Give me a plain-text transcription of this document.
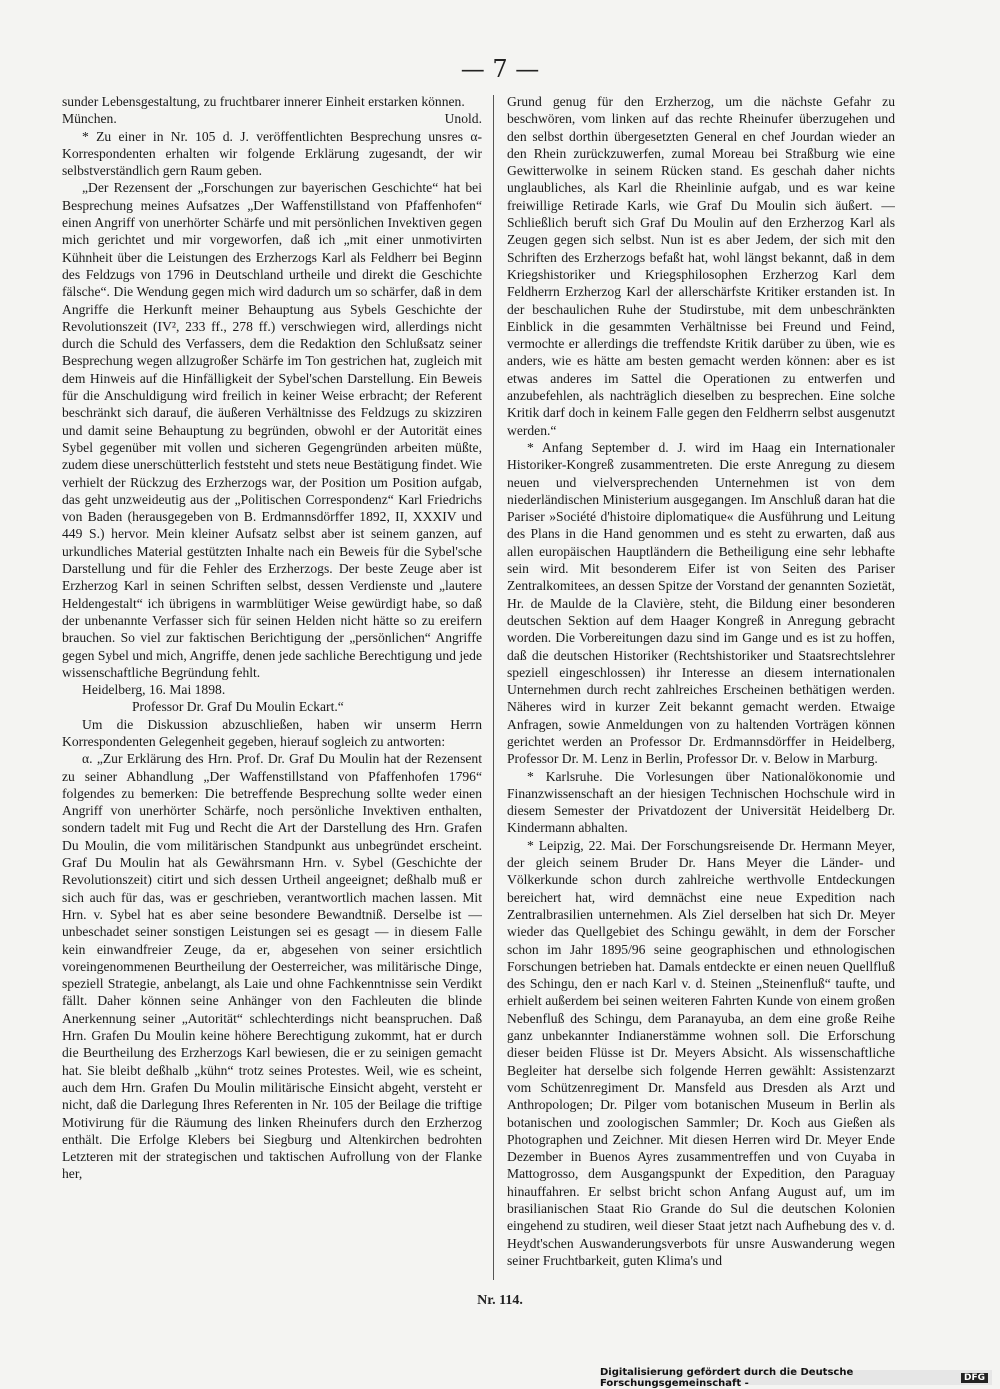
— 7 —

sunder Lebensgestaltung, zu fruchtbarer innerer Einheit erstarken können.

München.	Unold.

* Zu einer in Nr. 105 d. J. veröffentlichten Besprechung unsres α-Korrespondenten erhalten wir folgende Erklärung zugesandt, der wir selbstverständlich gern Raum geben.

„Der Rezensent der „Forschungen zur bayerischen Geschichte“ hat bei Besprechung meines Aufsatzes „Der Waffenstillstand von Pfaffenhofen“ einen Angriff von unerhörter Schärfe und mit persönlichen Invektiven gegen mich gerichtet und mir vorgeworfen, daß ich „mit einer unmotivirten Kühnheit über die Leistungen des Erzherzogs Karl als Feldherr bei Beginn des Feldzugs von 1796 in Deutschland urtheile und direkt die Geschichte fälsche“. Die Wendung gegen mich wird dadurch um so schärfer, daß in dem Angriffe die Herkunft meiner Behauptung aus Sybels Geschichte der Revolutionszeit (IV², 233 ff., 278 ff.) verschwiegen wird, allerdings nicht durch die Schuld des Verfassers, dem die Redaktion den Schlußsatz seiner Besprechung wegen allzugroßer Schärfe im Ton gestrichen hat, zugleich mit dem Hinweis auf die Hinfälligkeit der Sybel'schen Darstellung. Ein Beweis für die Anschuldigung wird freilich in keiner Weise erbracht; der Referent beschränkt sich darauf, die äußeren Verhältnisse des Feldzugs zu skizziren und damit seine Behauptung zu begründen, obwohl er der Autorität eines Sybel gegenüber mit vollen und sicheren Gegengründen arbeiten müßte, zudem diese unerschütterlich feststeht und stets neue Bestätigung findet. Wie verhielt der Rückzug des Erzherzogs war, der Position um Position aufgab, das geht unzweideutig aus der „Politischen Correspondenz“ Karl Friedrichs von Baden (herausgegeben von B. Erdmannsdörffer 1892, II, XXXIV und 449 S.) hervor. Mein kleiner Aufsatz selbst aber ist seinem ganzen, auf urkundliches Material gestützten Inhalte nach ein Beweis für die Sybel'sche Darstellung und für die Fehler des Erzherzogs. Der beste Zeuge aber ist Erzherzog Karl in seinen Schriften selbst, dessen Verdienste und „lautere Heldengestalt“ ich übrigens in warmblütiger Weise gewürdigt habe, so daß der unbenannte Verfasser sich für seinen Helden nicht hätte so zu ereifern brauchen. So viel zur faktischen Berichtigung der „persönlichen“ Angriffe gegen Sybel und mich, Angriffe, denen jede sachliche Berechtigung und jede wissenschaftliche Begründung fehlt.

Heidelberg, 16. Mai 1898.

Professor Dr. Graf Du Moulin Eckart.“

Um die Diskussion abzuschließen, haben wir unserm Herrn Korrespondenten Gelegenheit gegeben, hierauf sogleich zu antworten:

α. „Zur Erklärung des Hrn. Prof. Dr. Graf Du Moulin hat der Rezensent zu seiner Abhandlung „Der Waffenstillstand von Pfaffenhofen 1796“ folgendes zu bemerken: Die betreffende Besprechung sollte weder einen Angriff von unerhörter Schärfe, noch persönliche Invektiven enthalten, sondern tadelt mit Fug und Recht die Art der Darstellung des Hrn. Grafen Du Moulin, die vom militärischen Standpunkt aus unbegründet erscheint. Graf Du Moulin hat als Gewährsmann Hrn. v. Sybel (Geschichte der Revolutionszeit) citirt und sich dessen Urtheil angeeignet; deßhalb muß er sich auch für das, was er geschrieben, verantwortlich machen lassen. Mit Hrn. v. Sybel hat es aber seine besondere Bewandtniß. Derselbe ist — unbeschadet seiner sonstigen Leistungen sei es gesagt — in diesem Falle kein einwandfreier Zeuge, da er, abgesehen von seiner ersichtlich voreingenommenen Beurtheilung der Oesterreicher, was militärische Dinge, speziell Strategie, anbelangt, als Laie und ohne Fachkenntnisse sein Verdikt fällt. Daher können seine Anhänger von den Fachleuten die blinde Anerkennung seiner „Autorität“ schlechterdings nicht beanspruchen. Daß Hrn. Grafen Du Moulin keine höhere Berechtigung zukommt, hat er durch die Beurtheilung des Erzherzogs Karl bewiesen, die er zu seinigen gemacht hat. Sie bleibt deßhalb „kühn“ trotz seines Protestes. Weil, wie es scheint, auch dem Hrn. Grafen Du Moulin militärische Einsicht abgeht, versteht er nicht, daß die Darlegung Ihres Referenten in Nr. 105 der Beilage die triftige Motivirung für die Räumung des linken Rheinufers durch den Erzherzog enthält. Die Erfolge Klebers bei Siegburg und Altenkirchen bedrohten Letzteren mit der strategischen und taktischen Aufrollung von der Flanke her,

Grund genug für den Erzherzog, um die nächste Gefahr zu beschwören, vom linken auf das rechte Rheinufer überzugehen und den selbst dorthin übergesetzten General en chef Jourdan wieder an den Rhein zurückzuwerfen, zumal Moreau bei Straßburg wie eine Gewitterwolke in seinem Rücken stand. Es geschah daher nichts unglaubliches, als Karl die Rheinlinie aufgab, und es war keine freiwillige Retirade Karls, wie Graf Du Moulin sich äußert. — Schließlich beruft sich Graf Du Moulin auf den Erzherzog Karl als Zeugen gegen sich selbst. Nun ist es aber Jedem, der sich mit den Schriften des Erzherzogs befaßt hat, wohl längst bekannt, daß in dem Kriegshistoriker und Kriegsphilosophen Erzherzog Karl dem Feldherrn Erzherzog Karl der allerschärfste Kritiker erstanden ist. In der beschaulichen Ruhe der Studirstube, mit dem unbeschränkten Einblick in die gesammten Verhältnisse bei Freund und Feind, vermochte er allerdings die treffendste Kritik darüber zu üben, wie es anders, wie es hätte am besten gemacht werden können: aber es ist etwas anderes im Sattel die Operationen zu entwerfen und anzubefehlen, als nachträglich dieselben zu besprechen. Eine solche Kritik darf doch in keinem Falle gegen den Feldherrn selbst ausgenutzt werden.“

* Anfang September d. J. wird im Haag ein Internationaler Historiker-Kongreß zusammentreten. Die erste Anregung zu diesem neuen und vielversprechenden Unternehmen ist von dem niederländischen Ministerium ausgegangen. Im Anschluß daran hat die Pariser »Société d'histoire diplomatique« die Ausführung und Leitung des Plans in die Hand genommen und es steht zu erwarten, daß aus allen europäischen Hauptländern die Betheiligung eine sehr lebhafte sein wird. Mit besonderem Eifer ist von Seiten des Pariser Zentralkomitees, an dessen Spitze der Vorstand der genannten Sozietät, Hr. de Maulde de la Clavière, steht, die Bildung einer besonderen deutschen Sektion auf dem Haager Kongreß in Anregung gebracht worden. Die Vorbereitungen dazu sind im Gange und es ist zu hoffen, daß die deutschen Historiker (Rechtshistoriker und Staatsrechtslehrer speziell eingeschlossen) ihr Interesse an diesem internationalen Unternehmen durch recht zahlreiches Erscheinen bethätigen werden. Näheres wird in kurzer Zeit bekannt gemacht werden. Etwaige Anfragen, sowie Anmeldungen von zu haltenden Vorträgen können gerichtet werden an Professor Dr. Erdmannsdörffer in Heidelberg, Professor Dr. M. Lenz in Berlin, Professor Dr. v. Below in Marburg.

* Karlsruhe. Die Vorlesungen über Nationalökonomie und Finanzwissenschaft an der hiesigen Technischen Hochschule wird in diesem Semester der Privatdozent der Universität Heidelberg Dr. Kindermann abhalten.

* Leipzig, 22. Mai. Der Forschungsreisende Dr. Hermann Meyer, der gleich seinem Bruder Dr. Hans Meyer die Länder- und Völkerkunde schon durch zahlreiche werthvolle Entdeckungen bereichert hat, wird demnächst eine neue Expedition nach Zentralbrasilien unternehmen. Als Ziel derselben hat sich Dr. Meyer wieder das Quellgebiet des Schingu gewählt, in dem der Forscher schon im Jahr 1895/96 seine geographischen und ethnologischen Forschungen betrieben hat. Damals entdeckte er einen neuen Quellfluß des Schingu, den er nach Karl v. d. Steinen „Steinenfluß“ taufte, und erhielt außerdem bei seinen weiteren Fahrten Kunde von einem großen Nebenfluß des Schingu, dem Paranayuba, an dem eine große Reihe ganz unbekannter Indianerstämme wohnen soll. Die Erforschung dieser beiden Flüsse ist Dr. Meyers Absicht. Als wissenschaftliche Begleiter hat derselbe sich folgende Herren gewählt: Assistenzarzt vom Schützenregiment Dr. Mansfeld aus Dresden als Arzt und Anthropologen; Dr. Pilger vom botanischen Museum in Berlin als botanischen und zoologischen Sammler; Dr. Koch aus Gießen als Photographen und Zeichner. Mit diesen Herren wird Dr. Meyer Ende Dezember in Buenos Ayres zusammentreffen und von Cuyaba in Mattogrosso, dem Ausgangspunkt der Expedition, den Paraguay hinauffahren. Er selbst bricht schon Anfang August auf, um im brasilianischen Staat Rio Grande do Sul die deutschen Kolonien eingehend zu studiren, weil dieser Staat jetzt nach Aufhebung des v. d. Heydt'schen Auswanderungsverbots für unsre Auswanderung wegen seiner Fruchtbarkeit, guten Klima's und

Nr. 114.
Digitalisierung gefördert durch die Deutsche Forschungsgemeinschaft -	DFG
